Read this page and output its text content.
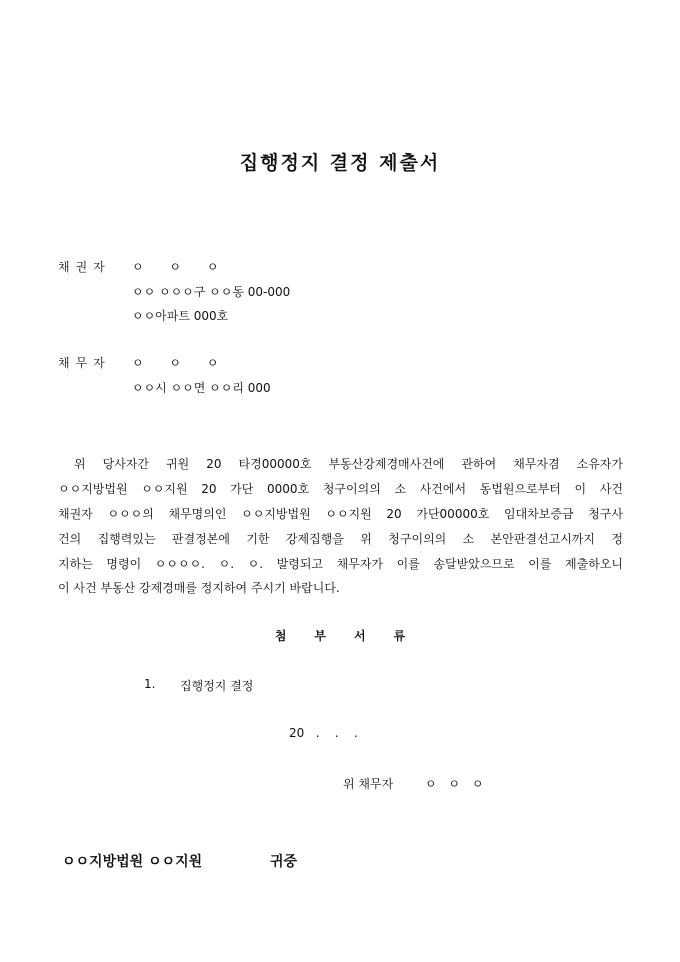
집행정지 결정 제출서
채권자 ㅇ ㅇ ㅇ
ㅇㅇ ㅇㅇㅇ구 ㅇㅇ동 00-000
ㅇㅇ아파트 000호
채무자 ㅇ ㅇ ㅇ
ㅇㅇ시 ㅇㅇ면 ㅇㅇ리 000
위 당사자간 귀원 20 타경00000호 부동산강제경매사건에 관하여 채무자겸 소유자가
ㅇㅇ지방법원 ㅇㅇ지원 20 가단 0000호 청구이의의 소 사건에서 동법원으로부터 이 사건
채권자 ㅇㅇㅇ의 채무명의인 ㅇㅇ지방법원 ㅇㅇ지원 20 가단00000호 임대차보증금 청구사
건의 집행력있는 판결정본에 기한 강제집행을 위 청구이의의 소 본안판결선고시까지 정
지하는 명령이 ㅇㅇㅇㅇ. ㅇ. ㅇ. 발령되고 채무자가 이를 송달받았으므로 이를 제출하오니
이 사건 부동산 강제경매를 정지하여 주시기 바랍니다.
첨부서류
1. 집행정지 결정
20   .    .    .
위 채무자	ㅇ ㅇ ㅇ
ㅇㅇ지방법원 ㅇㅇ지원	귀중
